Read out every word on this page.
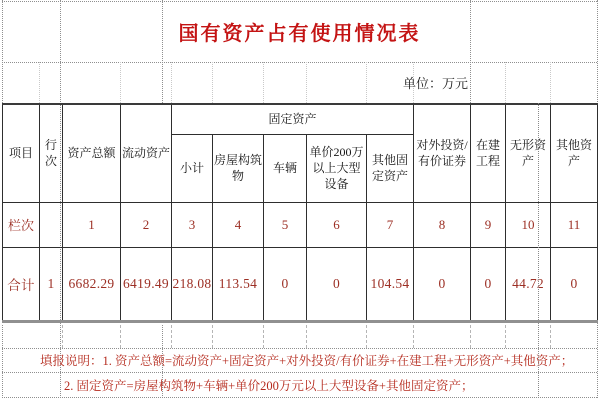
国有资产占有使用情况表
单位：万元
项目	行次	资产总额	流动资产	固定资产					对外投资/有价证券	在建工程	无形资产	其他资产
				小计	房屋构筑物	车辆	单价200万以上大型设备	其他固定资产				
栏次		1	2	3	4	5	6	7	8	9	10	11
合计	1	6682.29	6419.49	218.08	113.54	0	0	104.54	0	0	44.72	0
填报说明：1. 资产总额=流动资产+固定资产+对外投资/有价证券+在建工程+无形资产+其他资产；
2. 固定资产=房屋构筑物+车辆+单价200万元以上大型设备+其他固定资产；
